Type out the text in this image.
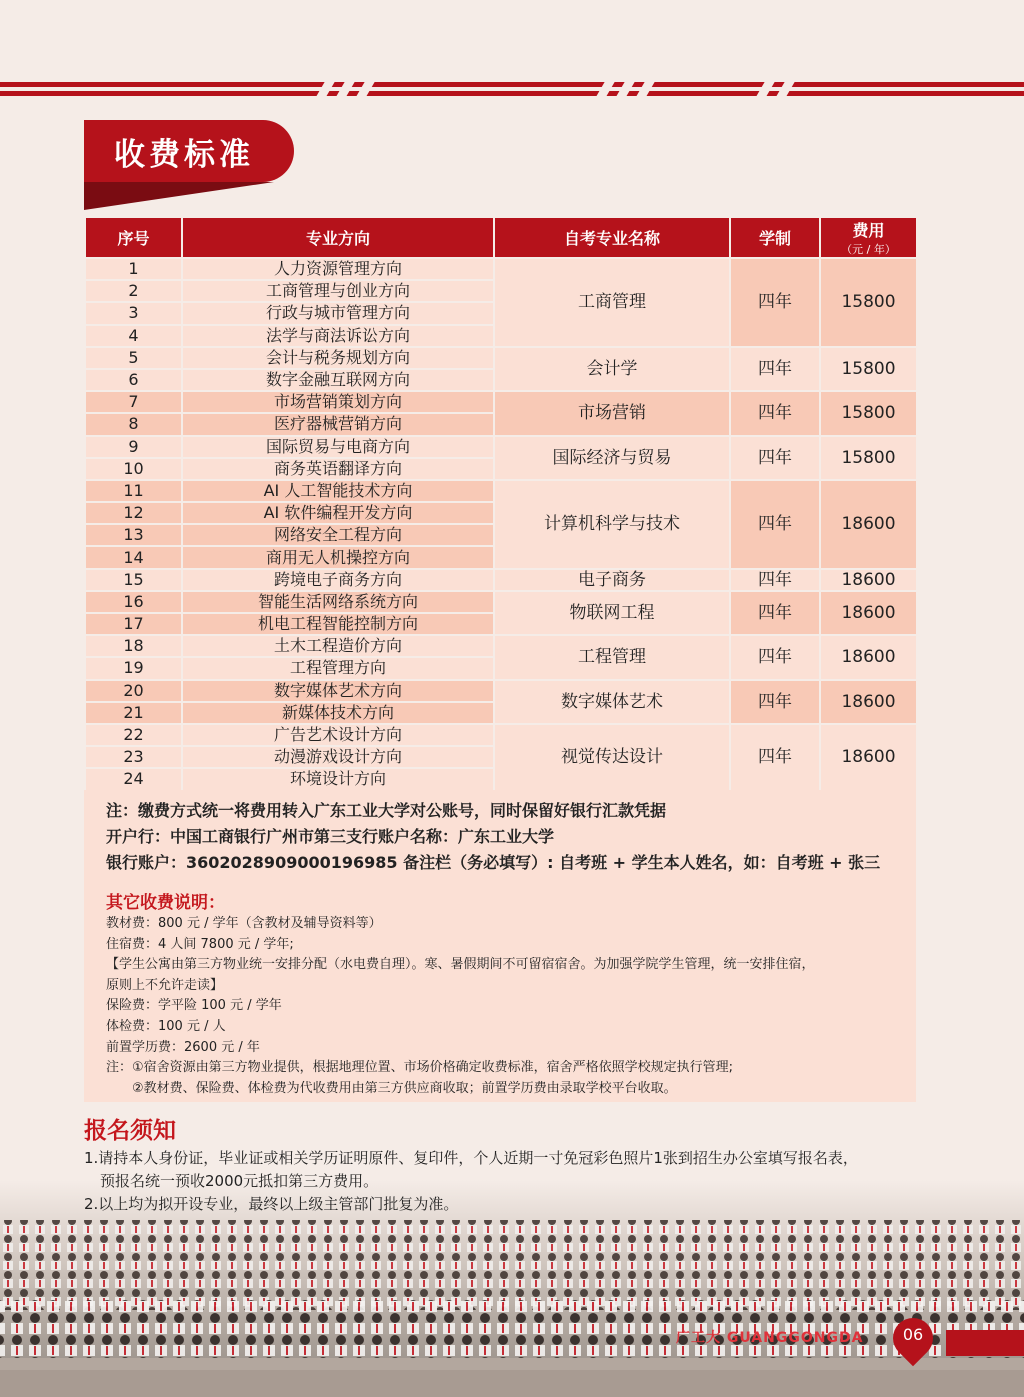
收费标准
序号	专业方向	自考专业名称	学制	费用
（元 / 年）

1	人力资源管理方向	工商管理	四年	15800
2	工商管理与创业方向			
3	行政与城市管理方向			
4	法学与商法诉讼方向			
5	会计与税务规划方向	会计学	四年	15800
6	数字金融互联网方向			
7	市场营销策划方向	市场营销	四年	15800
8	医疗器械营销方向			
9	国际贸易与电商方向	国际经济与贸易	四年	15800
10	商务英语翻译方向			
11	AI 人工智能技术方向	计算机科学与技术	四年	18600
12	AI 软件编程开发方向			
13	网络安全工程方向			
14	商用无人机操控方向			
15	跨境电子商务方向	电子商务	四年	18600
16	智能生活网络系统方向	物联网工程	四年	18600
17	机电工程智能控制方向			
18	土木工程造价方向	工程管理	四年	18600
19	工程管理方向			
20	数字媒体艺术方向	数字媒体艺术	四年	18600
21	新媒体技术方向			
22	广告艺术设计方向	视觉传达设计	四年	18600
23	动漫游戏设计方向			
24	环境设计方向			
注：缴费方式统一将费用转入广东工业大学对公账号，同时保留好银行汇款凭据
开户行：中国工商银行广州市第三支行账户名称：广东工业大学
银行账户：3602028909000196985 备注栏（务必填写）: 自考班 + 学生本人姓名，如：自考班 + 张三
其它收费说明：
教材费：800 元 / 学年（含教材及辅导资料等）
住宿费：4 人间 7800 元 / 学年;
【学生公寓由第三方物业统一安排分配（水电费自理）。寒、暑假期间不可留宿宿舍。为加强学院学生管理，统一安排住宿，
原则上不允许走读】
保险费：学平险 100 元 / 学年
体检费：100 元 / 人
前置学历费：2600 元 / 年
注：①宿舍资源由第三方物业提供，根据地理位置、市场价格确定收费标准，宿舍严格依照学校规定执行管理;
②教材费、保险费、体检费为代收费用由第三方供应商收取；前置学历费由录取学校平台收取。
报名须知
1.请持本人身份证，毕业证或相关学历证明原件、复印件，个人近期一寸免冠彩色照片1张到招生办公室填写报名表，
预报名统一预收2000元抵扣第三方费用。
2.以上均为拟开设专业，最终以上级主管部门批复为准。
广工大 GUANGGONGDA	06
